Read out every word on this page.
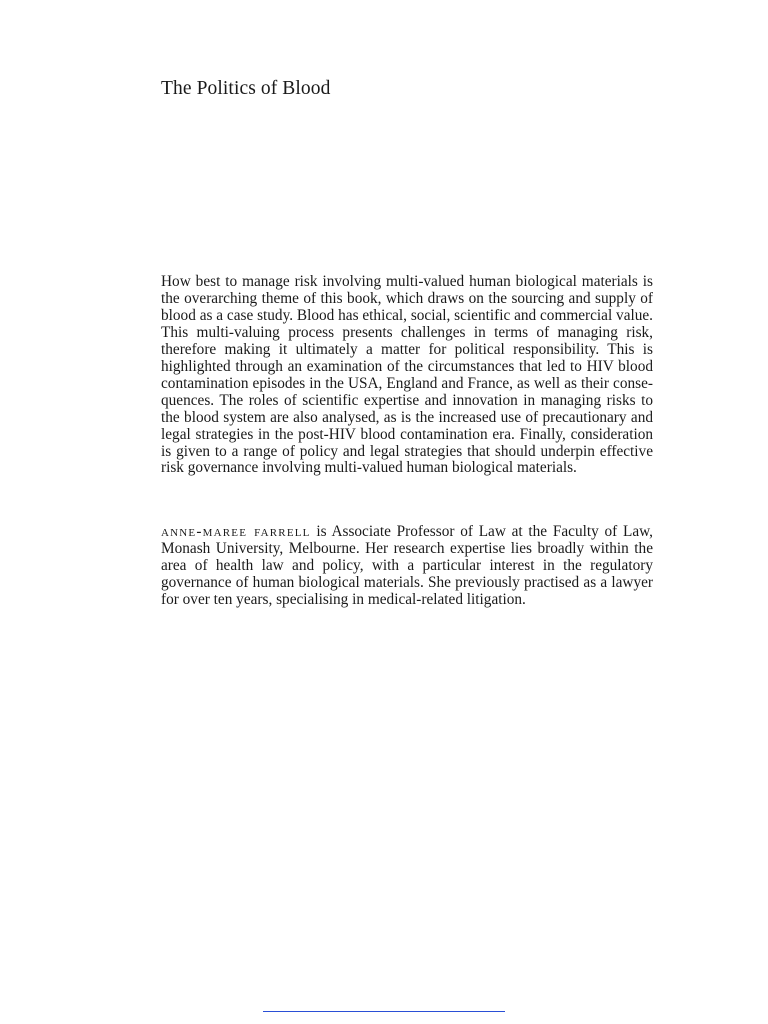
The Politics of Blood

How best to manage risk involving multi-valued human biological materials is the overarching theme of this book, which draws on the sourcing and supply of blood as a case study. Blood has ethical, social, scientific and commercial value. This multi-valuing process presents challenges in terms of managing risk, therefore making it ultimately a matter for political responsibility. This is highlighted through an examination of the circumstances that led to HIV blood contamination episodes in the USA, England and France, as well as their consequences. The roles of scientific expertise and innovation in managing risks to the blood system are also analysed, as is the increased use of precautionary and legal strategies in the post-HIV blood contamination era. Finally, consideration is given to a range of policy and legal strategies that should underpin effective risk governance involving multi-valued human biological materials.

anne-maree farrell is Associate Professor of Law at the Faculty of Law, Monash University, Melbourne. Her research expertise lies broadly within the area of health law and policy, with a particular interest in the regulatory governance of human biological materials. She previously practised as a lawyer for over ten years, specialising in medical-related litigation.
